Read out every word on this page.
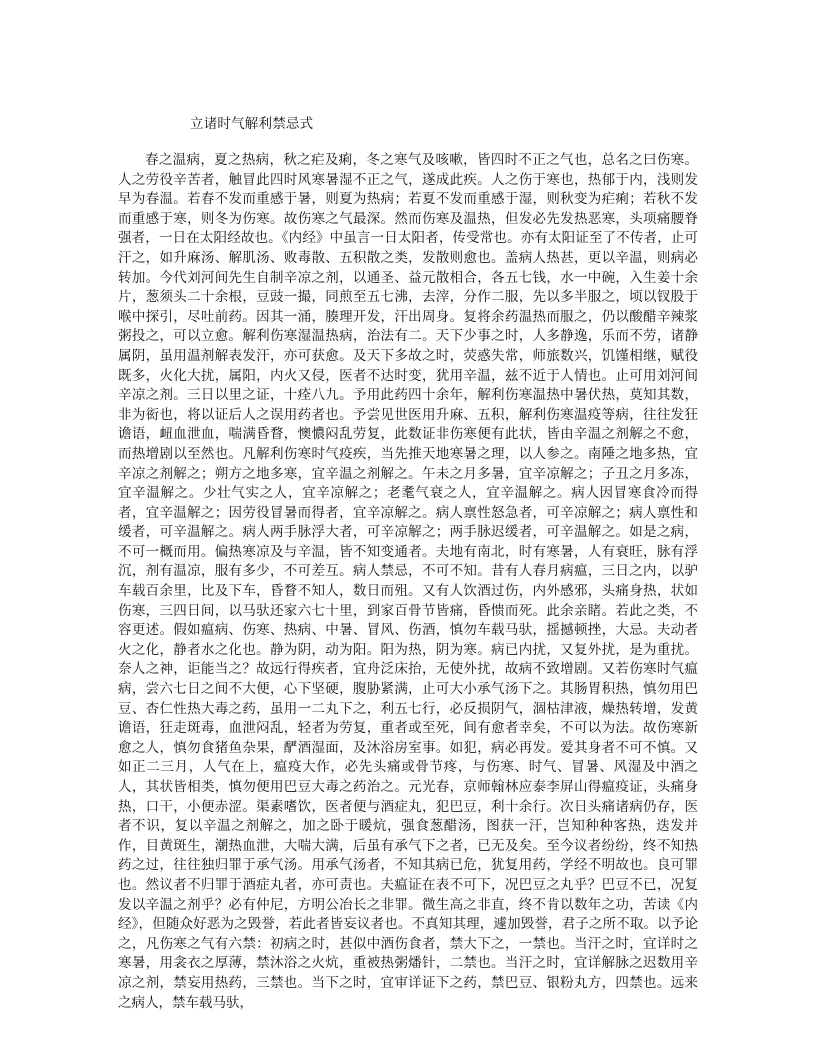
立诸时气解利禁忌式

春之温病，夏之热病，秋之疟及痢，冬之寒气及咳嗽，皆四时不正之气也，总名之曰伤寒。人之劳役辛苦者，触冒此四时风寒暑湿不正之气，遂成此疾。人之伤于寒也，热郁于内，浅则发早为春温。若春不发而重感于暑，则夏为热病；若夏不发而重感于湿，则秋变为疟痢；若秋不发而重感于寒，则冬为伤寒。故伤寒之气最深。然而伤寒及温热，但发必先发热恶寒，头项痛腰脊强者，一日在太阳经故也。《内经》中虽言一日太阳者，传受常也。亦有太阳证至了不传者，止可汗之，如升麻汤、解肌汤、败毒散、五积散之类，发散则愈也。盖病人热甚，更以辛温，则病必转加。今代刘河间先生自制辛凉之剂，以通圣、益元散相合，各五七钱，水一中碗，入生姜十余片，葱须头二十余根，豆豉一撮，同煎至五七沸，去滓，分作二服，先以多半服之，顷以钗股于喉中探引，尽吐前药。因其一涌，腠理开发，汗出周身。复将余药温热而服之，仍以酸醋辛辣浆粥投之，可以立愈。解利伤寒湿温热病，治法有二。天下少事之时，人多静逸，乐而不劳，诸静属阴，虽用温剂解表发汗，亦可获愈。及天下多故之时，荧惑失常，师旅数兴，饥馑相继，赋役既多，火化大扰，属阳，内火又侵，医者不达时变，犹用辛温，兹不近于人情也。止可用刘河间辛凉之剂。三日以里之证，十痊八九。予用此药四十余年，解利伤寒温热中暑伏热，莫知其数，非为衒也，将以证后人之误用药者也。予尝见世医用升麻、五积，解利伤寒温疫等病，往往发狂谵语，衄血泄血，喘满昏瞀，懊憹闷乱劳复，此数证非伤寒便有此状，皆由辛温之剂解之不愈，而热增剧以至然也。凡解利伤寒时气疫疾，当先推天地寒暑之理，以人参之。南陲之地多热，宜辛凉之剂解之；朔方之地多寒，宜辛温之剂解之。午未之月多暑，宜辛凉解之；子丑之月多冻，宜辛温解之。少壮气实之人，宜辛凉解之；老耄气衰之人，宜辛温解之。病人因冒寒食冷而得者，宜辛温解之；因劳役冒暑而得者，宜辛凉解之。病人禀性怒急者，可辛凉解之；病人禀性和缓者，可辛温解之。病人两手脉浮大者，可辛凉解之；两手脉迟缓者，可辛温解之。如是之病，不可一概而用。偏热寒凉及与辛温，皆不知变通者。夫地有南北，时有寒暑，人有衰旺，脉有浮沉，剂有温凉，服有多少，不可差互。病人禁忌，不可不知。昔有人春月病瘟，三日之内，以驴车载百余里，比及下车，昏瞀不知人，数日而殂。又有人饮酒过伤，内外感邪，头痛身热，状如伤寒，三四日间，以马驮还家六七十里，到家百骨节皆痛，昏愦而死。此余亲睹。若此之类，不容更述。假如瘟病、伤寒、热病、中暑、冒风、伤酒，慎勿车载马驮，摇撼顿挫，大忌。夫动者火之化，静者水之化也。静为阴，动为阳。阳为热，阴为寒。病已内扰，又复外扰，是为重扰。奈人之神，讵能当之？故远行得疾者，宜舟泛床抬，无使外扰，故病不致增剧。又若伤寒时气瘟病，尝六七日之间不大便，心下坚硬，腹胁紧满，止可大小承气汤下之。其肠胃积热，慎勿用巴豆、杏仁性热大毒之药，虽用一二丸下之，利五七行，必反损阴气，涸枯津液，燥热转增，发黄谵语，狂走斑毒，血泄闷乱，轻者为劳复，重者或至死，间有愈者幸矣，不可以为法。故伤寒新愈之人，慎勿食猪鱼杂果，酽酒湿面，及沐浴房室事。如犯，病必再发。爱其身者不可不慎。又如正二三月，人气在上，瘟疫大作，必先头痛或骨节疼，与伤寒、时气、冒暑、风湿及中酒之人，其状皆相类，慎勿便用巴豆大毒之药治之。元光春，京师翰林应泰李屏山得瘟疫证，头痛身热，口干，小便赤涩。渠素嗜饮，医者便与酒症丸，犯巴豆，利十余行。次日头痛诸病仍存，医者不识，复以辛温之剂解之，加之卧于暖炕，强食葱醋汤，图获一汗，岂知种种客热，迭发并作，目黄斑生，潮热血泄，大喘大满，后虽有承气下之者，已无及矣。至今议者纷纷，终不知热药之过，往往独归罪于承气汤。用承气汤者，不知其病已危，犹复用药，学经不明故也。良可罪也。然议者不归罪于酒症丸者，亦可责也。夫瘟证在表不可下，况巴豆之丸乎？巴豆不已，况复发以辛温之剂乎？必有仲尼，方明公冶长之非罪。微生高之非直，终不肯以数年之功，苦读《内经》，但随众好恶为之毁誉，若此者皆妄议者也。不真知其理，遽加毁誉，君子之所不取。以予论之，凡伤寒之气有六禁：初病之时，甚似中酒伤食者，禁大下之，一禁也。当汗之时，宜详时之寒暑，用衾衣之厚薄，禁沐浴之火炕，重被热粥燔针，二禁也。当汗之时，宜详解脉之迟数用辛凉之剂，禁妄用热药，三禁也。当下之时，宜审详证下之药，禁巴豆、银粉丸方，四禁也。远来之病人，禁车载马驮，
